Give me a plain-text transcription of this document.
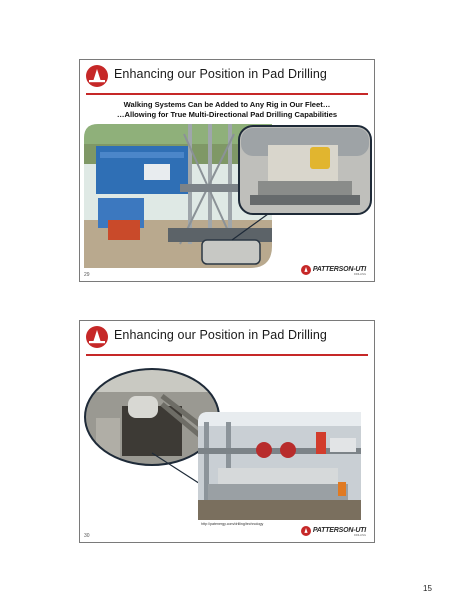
Enhancing our Position in Pad Drilling
Walking Systems Can be Added to Any Rig in Our Fleet…
…Allowing for True Multi-Directional Pad Drilling Capabilities
29
PATTERSON-UTI
DRILLING
Enhancing our Position in Pad Drilling
http://patenergy.com/drilling/technology
30
PATTERSON-UTI
DRILLING
15
